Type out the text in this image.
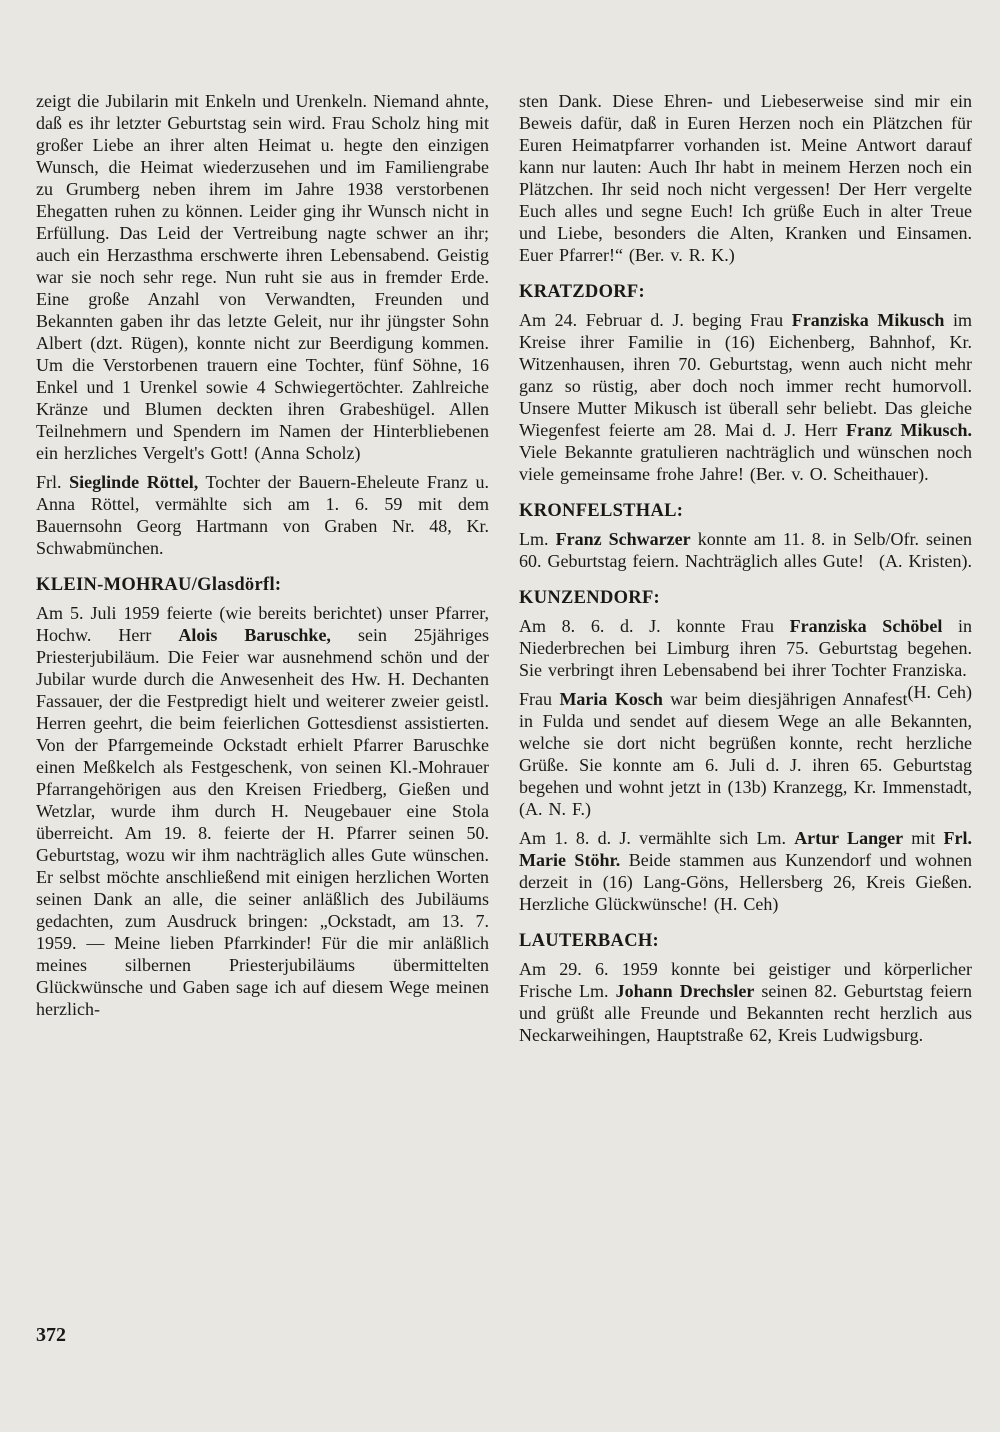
zeigt die Jubilarin mit Enkeln und Urenkeln. Niemand ahnte, daß es ihr letzter Geburtstag sein wird. Frau Scholz hing mit großer Liebe an ihrer alten Heimat u. hegte den einzigen Wunsch, die Heimat wiederzusehen und im Familiengrabe zu Grumberg neben ihrem im Jahre 1938 verstorbenen Ehegatten ruhen zu können. Leider ging ihr Wunsch nicht in Erfüllung. Das Leid der Vertreibung nagte schwer an ihr; auch ein Herzasthma erschwerte ihren Lebensabend. Geistig war sie noch sehr rege. Nun ruht sie aus in fremder Erde. Eine große Anzahl von Verwandten, Freunden und Bekannten gaben ihr das letzte Geleit, nur ihr jüngster Sohn Albert (dzt. Rügen), konnte nicht zur Beerdigung kommen. Um die Verstorbenen trauern eine Tochter, fünf Söhne, 16 Enkel und 1 Urenkel sowie 4 Schwiegertöchter. Zahlreiche Kränze und Blumen deckten ihren Grabeshügel. Allen Teilnehmern und Spendern im Namen der Hinterbliebenen ein herzliches Vergelt's Gott! (Anna Scholz)

Frl. Sieglinde Röttel, Tochter der Bauern-Eheleute Franz u. Anna Röttel, vermählte sich am 1. 6. 59 mit dem Bauernsohn Georg Hartmann von Graben Nr. 48, Kr. Schwabmünchen.

KLEIN-MOHRAU/Glasdörfl:

Am 5. Juli 1959 feierte (wie bereits berichtet) unser Pfarrer, Hochw. Herr Alois Baruschke, sein 25jähriges Priesterjubiläum. Die Feier war ausnehmend schön und der Jubilar wurde durch die Anwesenheit des Hw. H. Dechanten Fassauer, der die Festpredigt hielt und weiterer zweier geistl. Herren geehrt, die beim feierlichen Gottesdienst assistierten. Von der Pfarrgemeinde Ockstadt erhielt Pfarrer Baruschke einen Meßkelch als Festgeschenk, von seinen Kl.-Mohrauer Pfarrangehörigen aus den Kreisen Friedberg, Gießen und Wetzlar, wurde ihm durch H. Neugebauer eine Stola überreicht. Am 19. 8. feierte der H. Pfarrer seinen 50. Geburtstag, wozu wir ihm nachträglich alles Gute wünschen. Er selbst möchte anschließend mit einigen herzlichen Worten seinen Dank an alle, die seiner anläßlich des Jubiläums gedachten, zum Ausdruck bringen: „Ockstadt, am 13. 7. 1959. — Meine lieben Pfarrkinder! Für die mir anläßlich meines silbernen Priesterjubiläums übermittelten Glückwünsche und Gaben sage ich auf diesem Wege meinen herzlich-

sten Dank. Diese Ehren- und Liebeserweise sind mir ein Beweis dafür, daß in Euren Herzen noch ein Plätzchen für Euren Heimatpfarrer vorhanden ist. Meine Antwort darauf kann nur lauten: Auch Ihr habt in meinem Herzen noch ein Plätzchen. Ihr seid noch nicht vergessen! Der Herr vergelte Euch alles und segne Euch! Ich grüße Euch in alter Treue und Liebe, besonders die Alten, Kranken und Einsamen. Euer Pfarrer!“ (Ber. v. R. K.)

KRATZDORF:

Am 24. Februar d. J. beging Frau Franziska Mikusch im Kreise ihrer Familie in (16) Eichenberg, Bahnhof, Kr. Witzenhausen, ihren 70. Geburtstag, wenn auch nicht mehr ganz so rüstig, aber doch noch immer recht humorvoll. Unsere Mutter Mikusch ist überall sehr beliebt. Das gleiche Wiegenfest feierte am 28. Mai d. J. Herr Franz Mikusch. Viele Bekannte gratulieren nachträglich und wünschen noch viele gemeinsame frohe Jahre! (Ber. v. O. Scheithauer).

KRONFELSTHAL:

Lm. Franz Schwarzer konnte am 11. 8. in Selb/Ofr. seinen 60. Geburtstag feiern. Nachträglich alles Gute! (A. Kristen).

KUNZENDORF:

Am 8. 6. d. J. konnte Frau Franziska Schöbel in Niederbrechen bei Limburg ihren 75. Geburtstag begehen. Sie verbringt ihren Lebensabend bei ihrer Tochter Franziska.
(H. Ceh)

Frau Maria Kosch war beim diesjährigen Annafest in Fulda und sendet auf diesem Wege an alle Bekannten, welche sie dort nicht begrüßen konnte, recht herzliche Grüße. Sie konnte am 6. Juli d. J. ihren 65. Geburtstag begehen und wohnt jetzt in (13b) Kranzegg, Kr. Immenstadt, (A. N. F.)

Am 1. 8. d. J. vermählte sich Lm. Artur Langer mit Frl. Marie Stöhr. Beide stammen aus Kunzendorf und wohnen derzeit in (16) Lang-Göns, Hellersberg 26, Kreis Gießen. Herzliche Glückwünsche! (H. Ceh)

LAUTERBACH:

Am 29. 6. 1959 konnte bei geistiger und körperlicher Frische Lm. Johann Drechsler seinen 82. Geburtstag feiern und grüßt alle Freunde und Bekannten recht herzlich aus Neckarweihingen, Hauptstraße 62, Kreis Ludwigsburg.

372
